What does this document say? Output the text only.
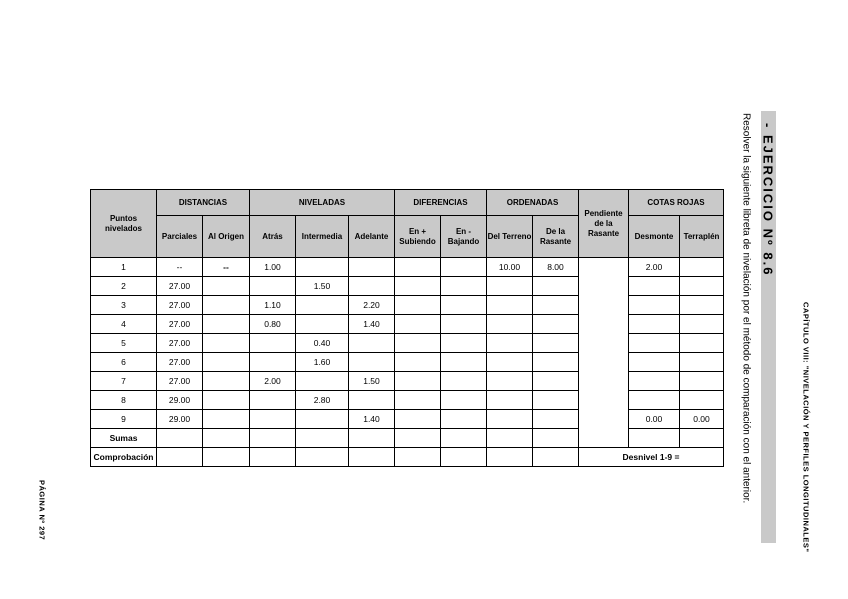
Puntos nivelados	DISTANCIAS		NIVELADAS			DIFERENCIAS		ORDENADAS		Pendiente de la Rasante	COTAS ROJAS	
	Parciales	Al Origen	Atrás	Intermedia	Adelante	En + Subiendo	En - Bajando	Del Terreno	De la Rasante		Desmonte	Terraplén
1	--	--	1.00					10.00	8.00		2.00	
2	27.00			1.50								
3	27.00		1.10		2.20							
4	27.00		0.80		1.40							
5	27.00			0.40								
6	27.00			1.60								
7	27.00		2.00		1.50							
8	29.00			2.80								
9	29.00				1.40						0.00	0.00
Sumas												
Comprobación										Desnivel 1-9 =		
- EJERCICIO Nº 8.6
Resolver la siguiente libreta de nivelación por el método de comparación con el anterior.	CAPÍTULO VIII: "NIVELACIÓN Y PERFILES LONGITUDINALES"
PÁGINA Nº 297
